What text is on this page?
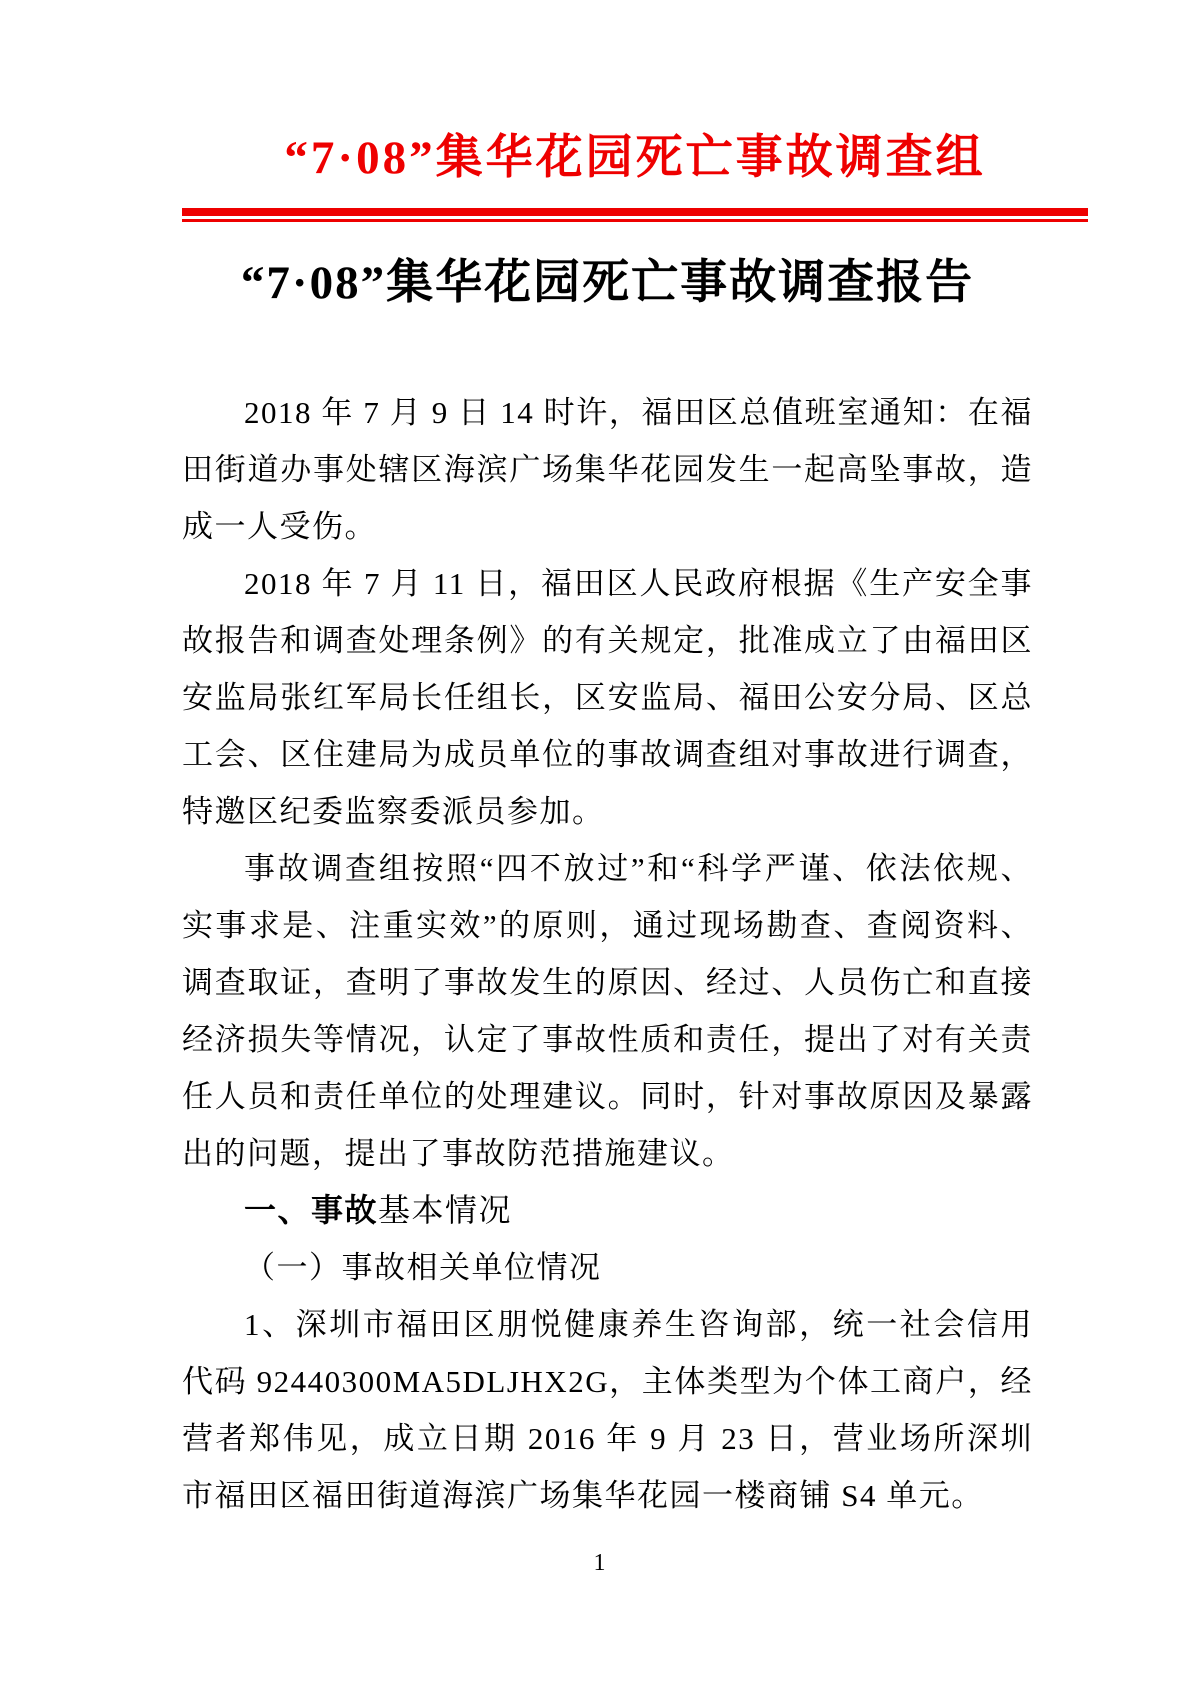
“7·08”集华花园死亡事故调查组
“7·08”集华花园死亡事故调查报告

2018 年 7 月 9 日 14 时许，福田区总值班室通知：在福田街道办事处辖区海滨广场集华花园发生一起高坠事故，造成一人受伤。

2018 年 7 月 11 日，福田区人民政府根据《生产安全事故报告和调查处理条例》的有关规定，批准成立了由福田区安监局张红军局长任组长，区安监局、福田公安分局、区总工会、区住建局为成员单位的事故调查组对事故进行调查，特邀区纪委监察委派员参加。

事故调查组按照“四不放过”和“科学严谨、依法依规、实事求是、注重实效”的原则，通过现场勘查、查阅资料、调查取证，查明了事故发生的原因、经过、人员伤亡和直接经济损失等情况，认定了事故性质和责任，提出了对有关责任人员和责任单位的处理建议。同时，针对事故原因及暴露出的问题，提出了事故防范措施建议。

一、事故基本情况

（一）事故相关单位情况

1、深圳市福田区朋悦健康养生咨询部，统一社会信用代码 92440300MA5DLJHX2G，主体类型为个体工商户，经营者郑伟见，成立日期 2016 年 9 月 23 日，营业场所深圳市福田区福田街道海滨广场集华花园一楼商铺 S4 单元。

1
